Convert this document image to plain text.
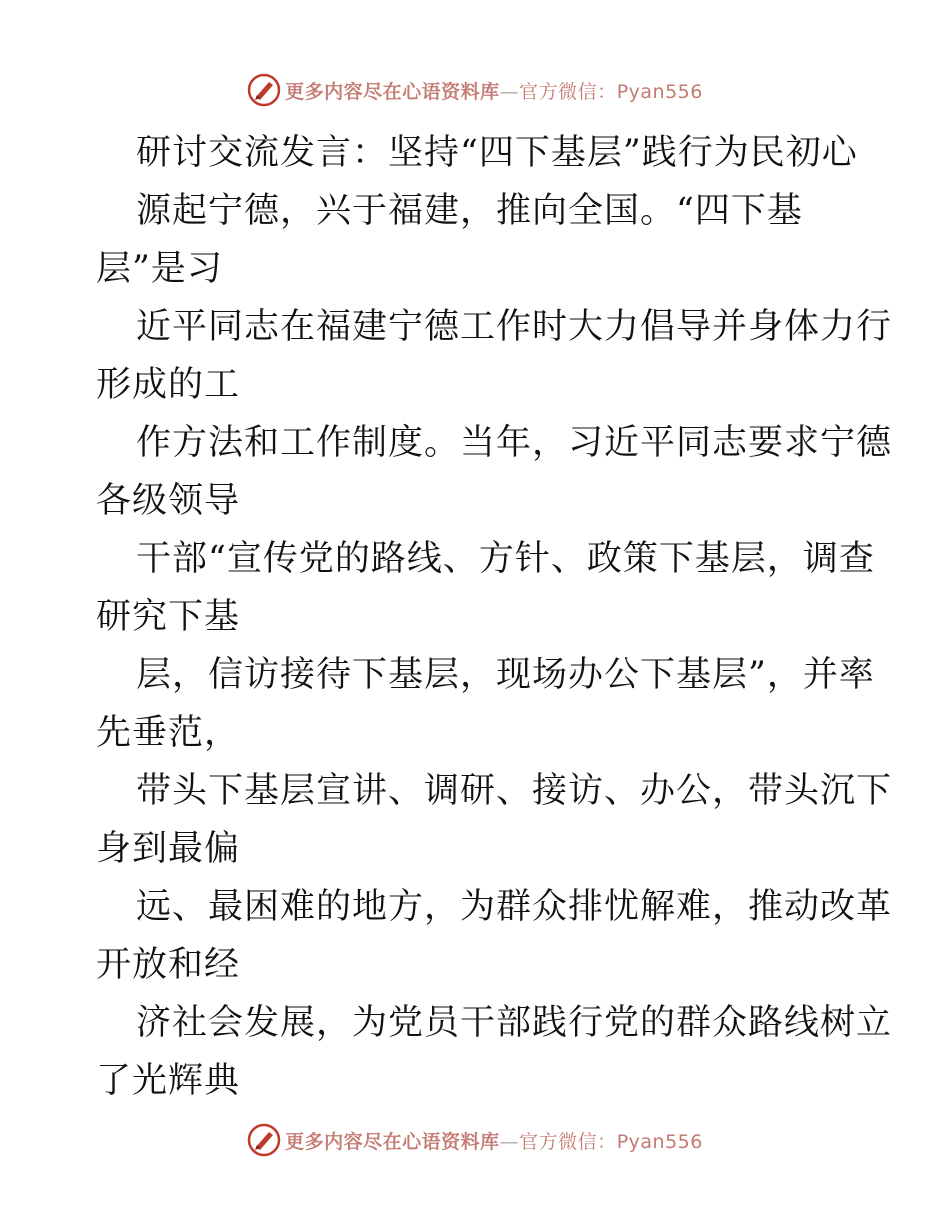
更多内容尽在心语资料库—官方微信：Pyan556
研讨交流发言：坚持“四下基层”践行为民初心
源起宁德，兴于福建，推向全国。“四下基
层”是习
近平同志在福建宁德工作时大力倡导并身体力行
形成的工
作方法和工作制度。当年，习近平同志要求宁德
各级领导
干部“宣传党的路线、方针、政策下基层，调查
研究下基
层，信访接待下基层，现场办公下基层”，并率
先垂范，
带头下基层宣讲、调研、接访、办公，带头沉下
身到最偏
远、最困难的地方，为群众排忧解难，推动改革
开放和经
济社会发展，为党员干部践行党的群众路线树立
了光辉典
更多内容尽在心语资料库—官方微信：Pyan556
